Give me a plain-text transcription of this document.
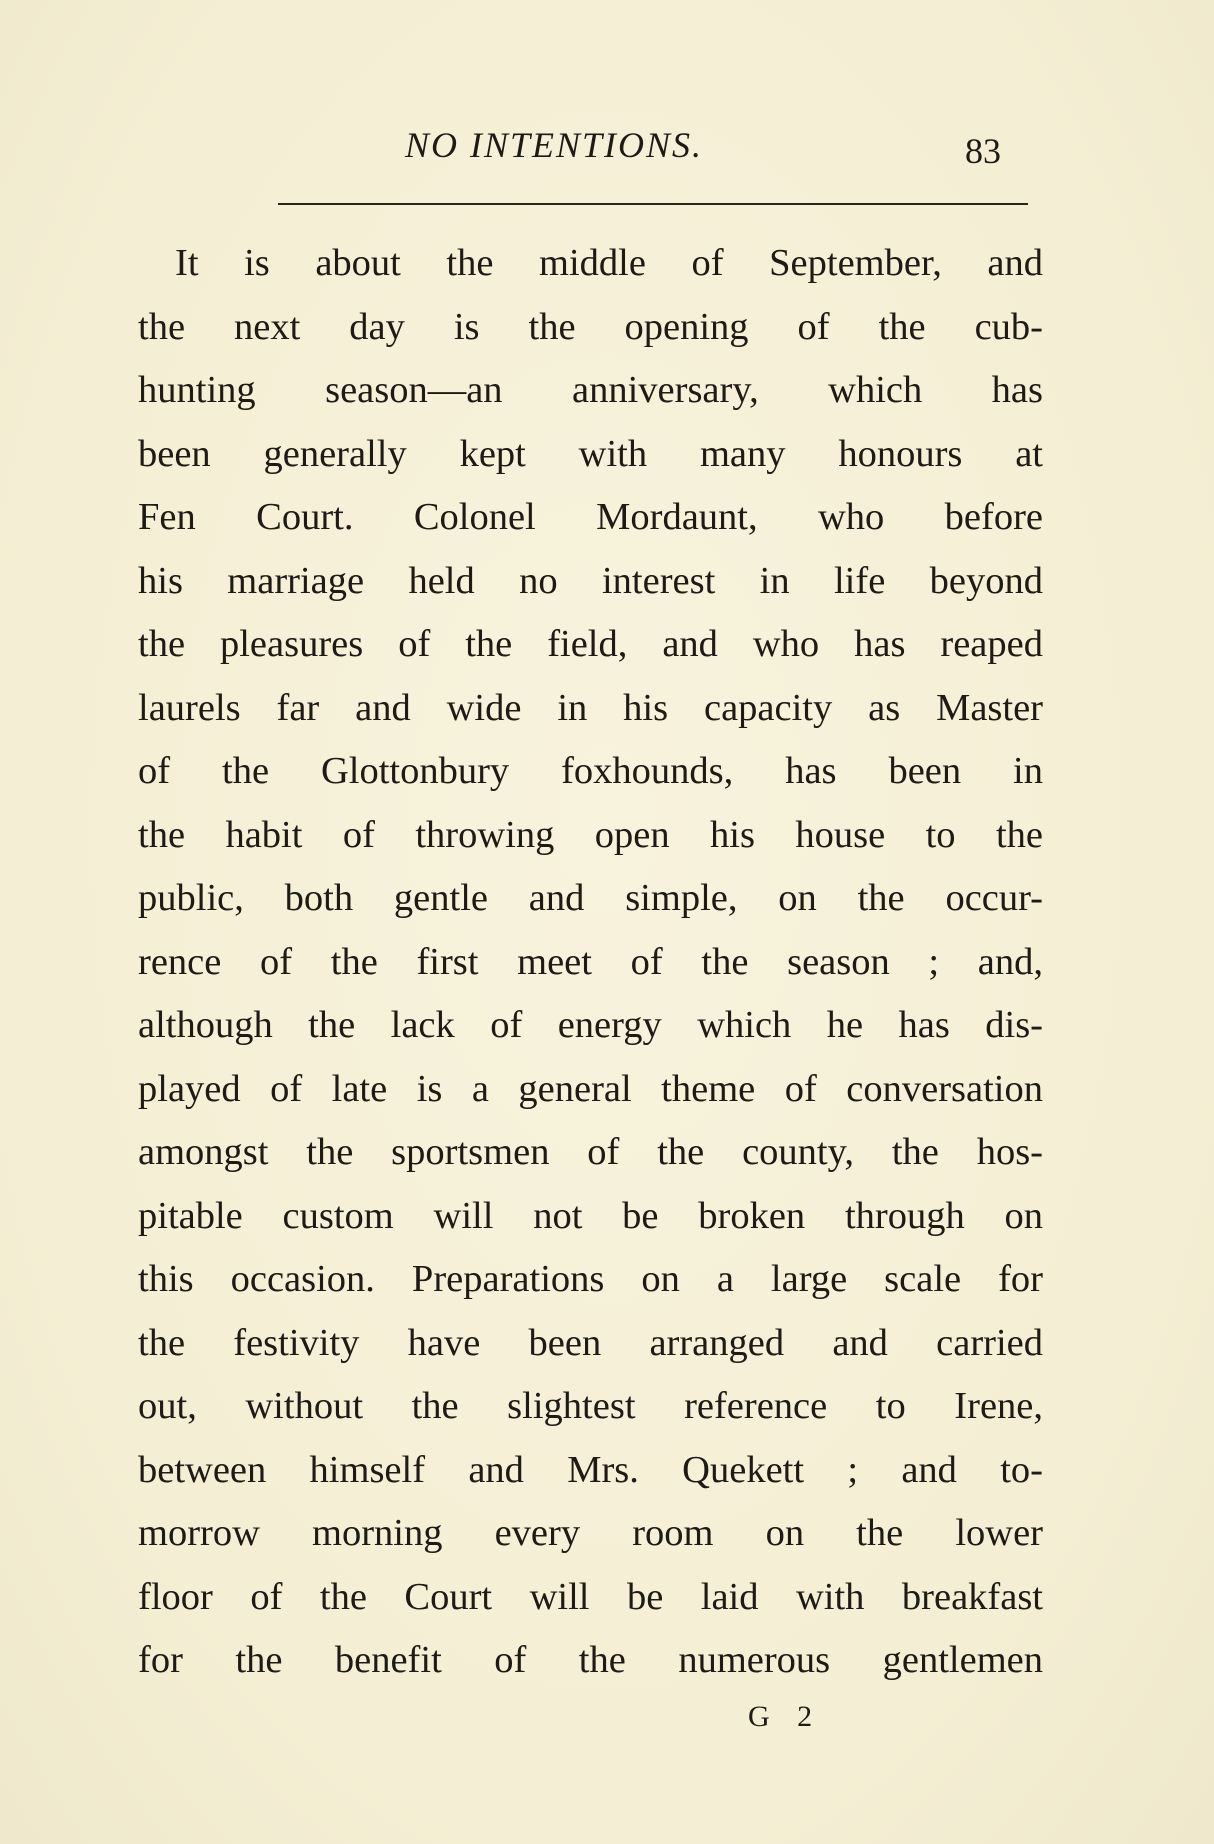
NO INTENTIONS.	83
It is about the middle of September, and
the next day is the opening of the cub-
hunting season—an anniversary, which has
been generally kept with many honours at
Fen Court. Colonel Mordaunt, who before
his marriage held no interest in life beyond
the pleasures of the field, and who has reaped
laurels far and wide in his capacity as Master
of the Glottonbury foxhounds, has been in
the habit of throwing open his house to the
public, both gentle and simple, on the occur-
rence of the first meet of the season ; and,
although the lack of energy which he has dis-
played of late is a general theme of conversation
amongst the sportsmen of the county, the hos-
pitable custom will not be broken through on
this occasion. Preparations on a large scale for
the festivity have been arranged and carried
out, without the slightest reference to Irene,
between himself and Mrs. Quekett ; and to-
morrow morning every room on the lower
floor of the Court will be laid with breakfast
for the benefit of the numerous gentlemen
G 2
